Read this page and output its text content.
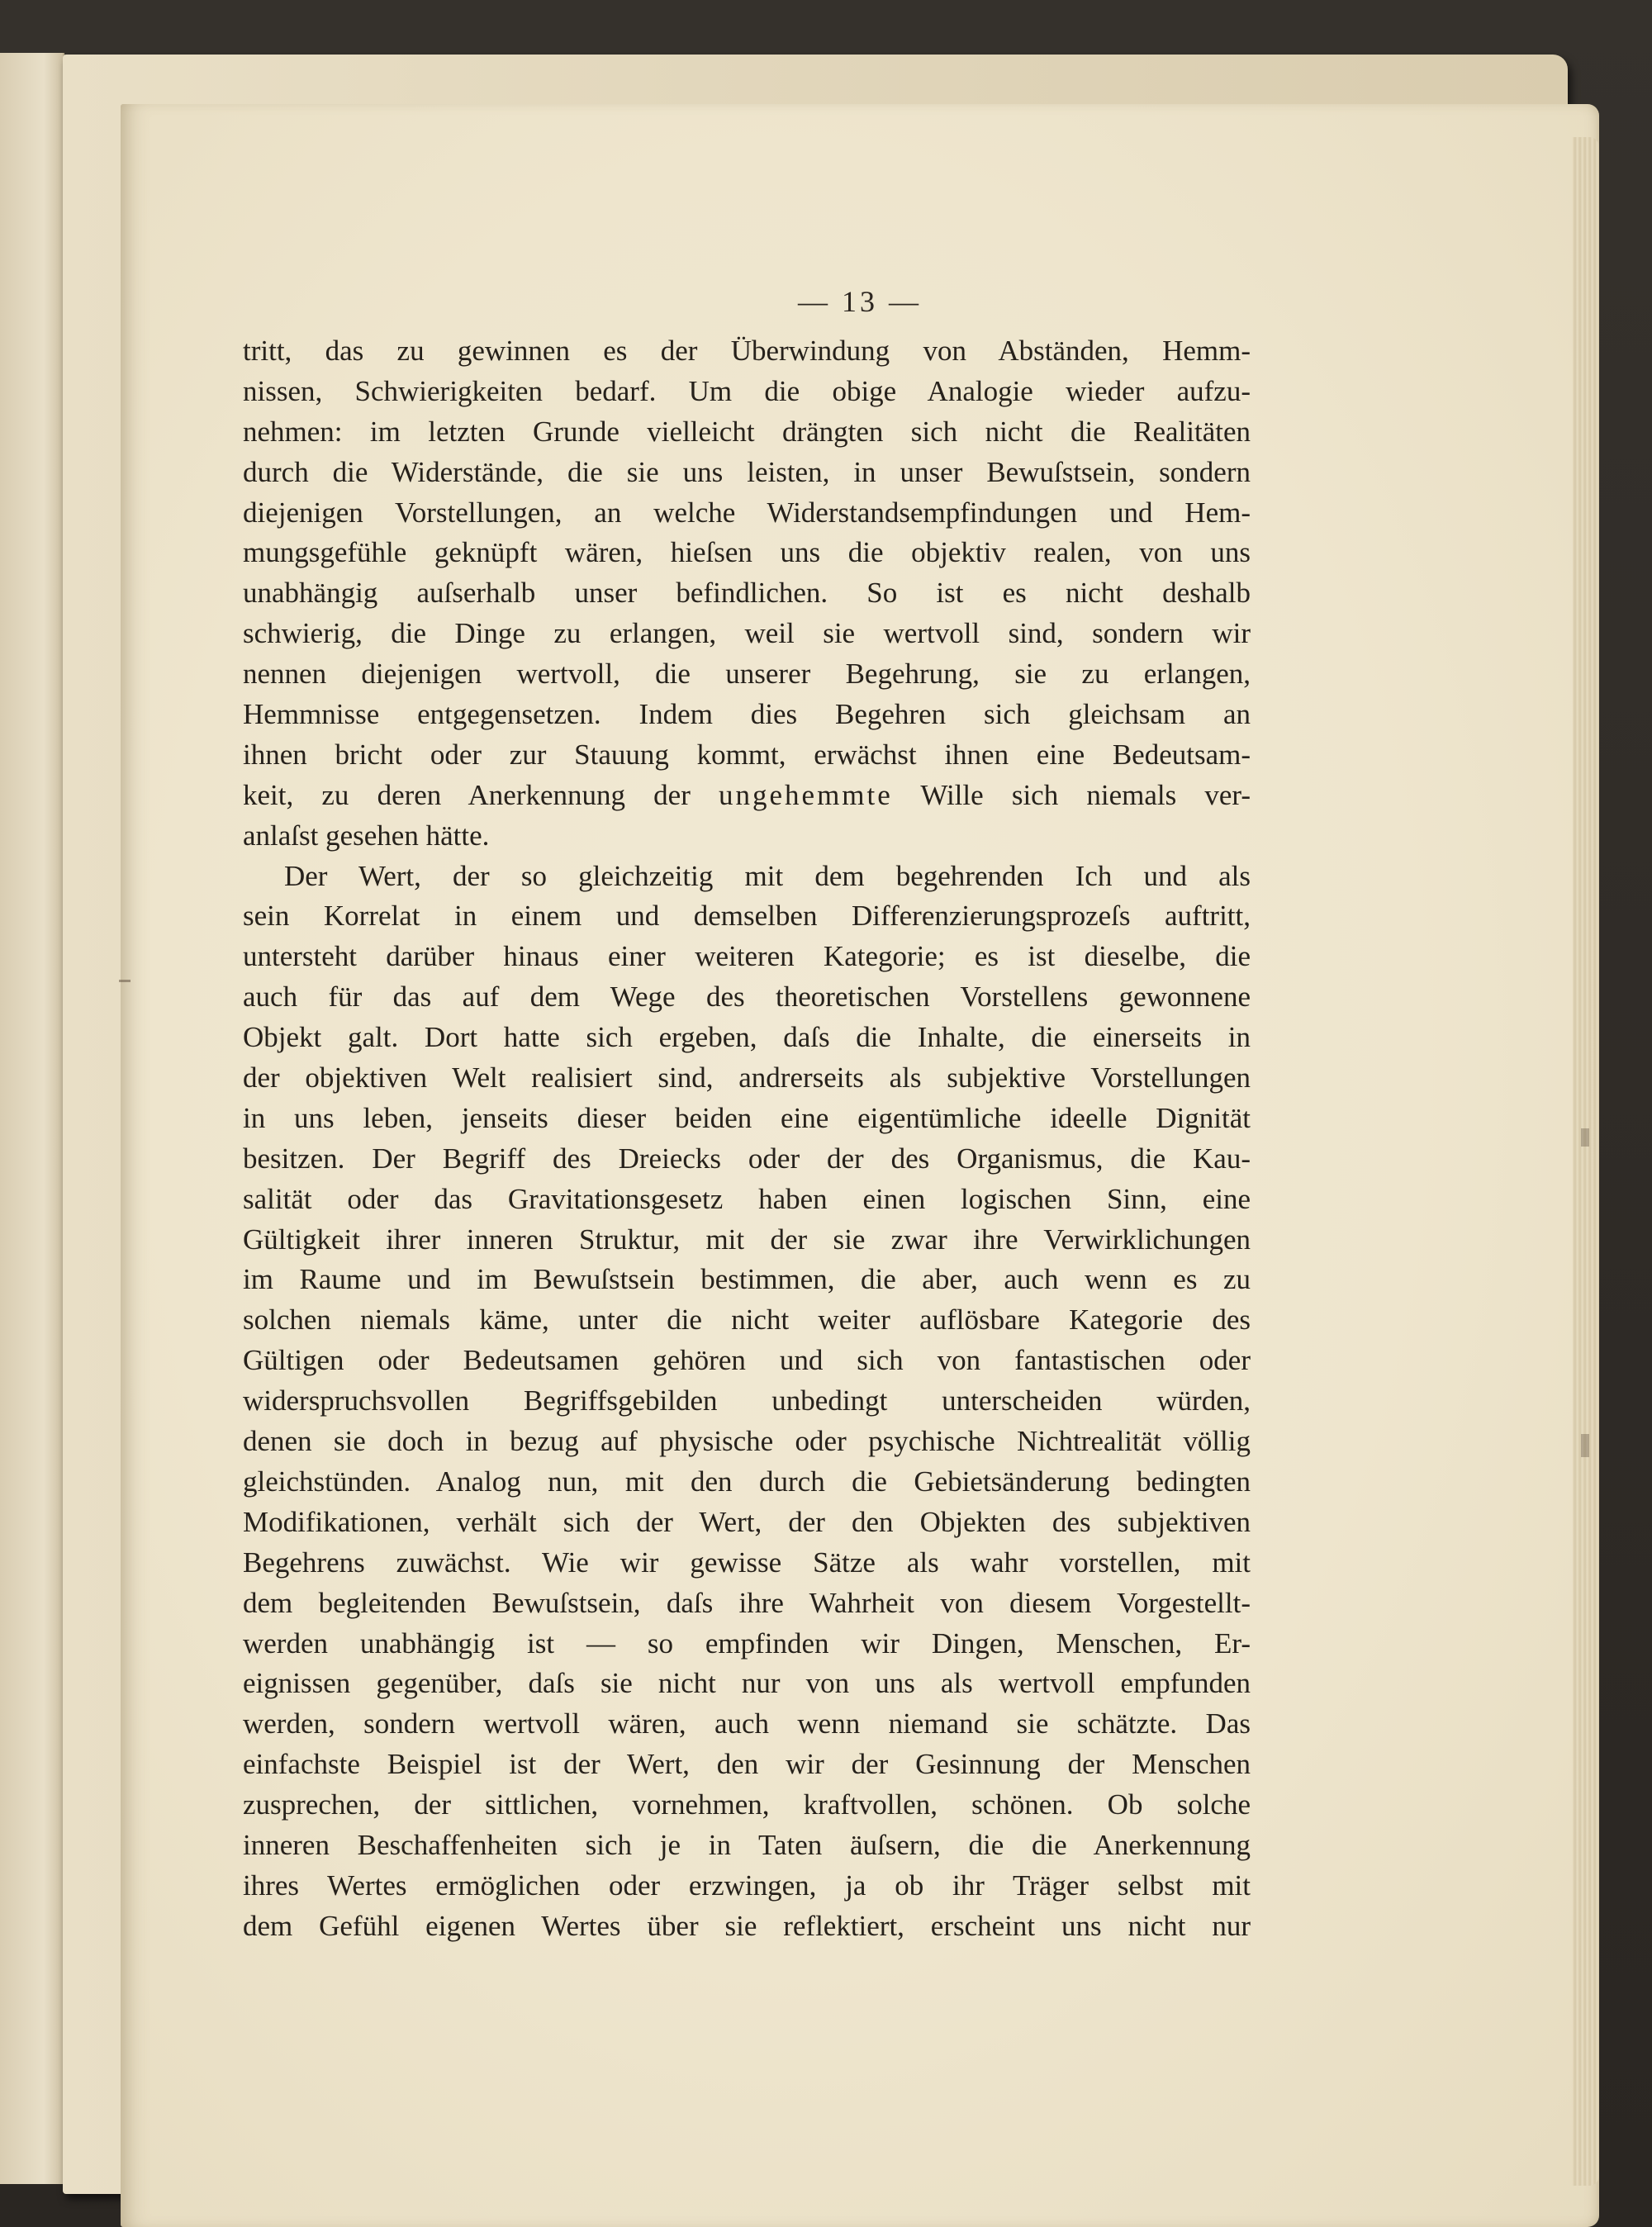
— 13 —
tritt, das zu gewinnen es der Überwindung von Abständen, Hemm-
nissen, Schwierigkeiten bedarf. Um die obige Analogie wieder aufzu-
nehmen: im letzten Grunde vielleicht drängten sich nicht die Realitäten
durch die Widerstände, die sie uns leisten, in unser Bewuſstsein, sondern
diejenigen Vorstellungen, an welche Widerstandsempfindungen und Hem-
mungsgefühle geknüpft wären, hieſsen uns die objektiv realen, von uns
unabhängig auſserhalb unser befindlichen. So ist es nicht deshalb
schwierig, die Dinge zu erlangen, weil sie wertvoll sind, sondern wir
nennen diejenigen wertvoll, die unserer Begehrung, sie zu erlangen,
Hemmnisse entgegensetzen. Indem dies Begehren sich gleichsam an
ihnen bricht oder zur Stauung kommt, erwächst ihnen eine Bedeutsam-
keit, zu deren Anerkennung der ungehemmte Wille sich niemals ver-
anlaſst gesehen hätte.
Der Wert, der so gleichzeitig mit dem begehrenden Ich und als
sein Korrelat in einem und demselben Differenzierungsprozeſs auftritt,
untersteht darüber hinaus einer weiteren Kategorie; es ist dieselbe, die
auch für das auf dem Wege des theoretischen Vorstellens gewonnene
Objekt galt. Dort hatte sich ergeben, daſs die Inhalte, die einerseits in
der objektiven Welt realisiert sind, andrerseits als subjektive Vorstellungen
in uns leben, jenseits dieser beiden eine eigentümliche ideelle Dignität
besitzen. Der Begriff des Dreiecks oder der des Organismus, die Kau-
salität oder das Gravitationsgesetz haben einen logischen Sinn, eine
Gültigkeit ihrer inneren Struktur, mit der sie zwar ihre Verwirklichungen
im Raume und im Bewuſstsein bestimmen, die aber, auch wenn es zu
solchen niemals käme, unter die nicht weiter auflösbare Kategorie des
Gültigen oder Bedeutsamen gehören und sich von fantastischen oder
widerspruchsvollen Begriffsgebilden unbedingt unterscheiden würden,
denen sie doch in bezug auf physische oder psychische Nichtrealität völlig
gleichstünden. Analog nun, mit den durch die Gebietsänderung bedingten
Modifikationen, verhält sich der Wert, der den Objekten des subjektiven
Begehrens zuwächst. Wie wir gewisse Sätze als wahr vorstellen, mit
dem begleitenden Bewuſstsein, daſs ihre Wahrheit von diesem Vorgestellt-
werden unabhängig ist — so empfinden wir Dingen, Menschen, Er-
eignissen gegenüber, daſs sie nicht nur von uns als wertvoll empfunden
werden, sondern wertvoll wären, auch wenn niemand sie schätzte. Das
einfachste Beispiel ist der Wert, den wir der Gesinnung der Menschen
zusprechen, der sittlichen, vornehmen, kraftvollen, schönen. Ob solche
inneren Beschaffenheiten sich je in Taten äuſsern, die die Anerkennung
ihres Wertes ermöglichen oder erzwingen, ja ob ihr Träger selbst mit
dem Gefühl eigenen Wertes über sie reflektiert, erscheint uns nicht nur
